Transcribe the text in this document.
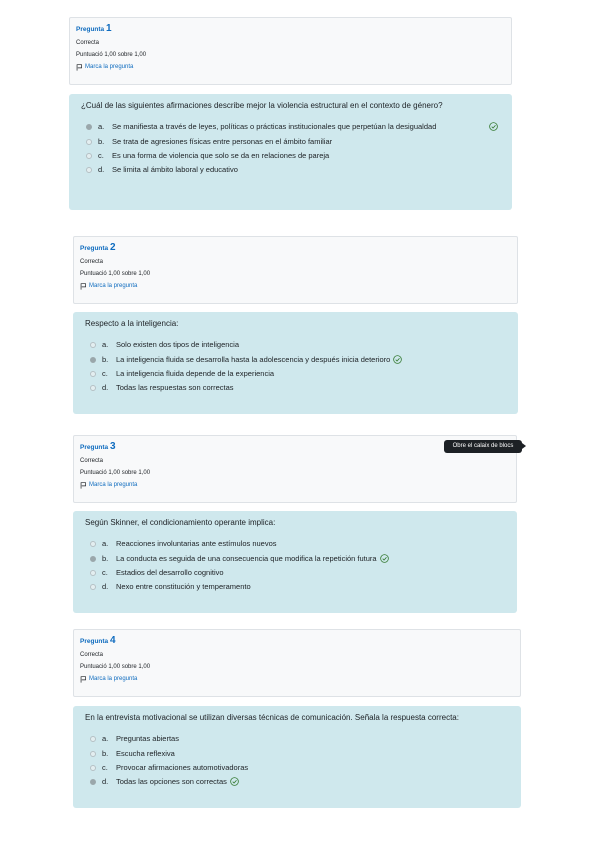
Pregunta 1
Correcta
Puntuació 1,00 sobre 1,00
Marca la pregunta
¿Cuál de las siguientes afirmaciones describe mejor la violencia estructural en el contexto de género?
a.	Se manifiesta a través de leyes, políticas o prácticas institucionales que perpetúan la desigualdad
b.	Se trata de agresiones físicas entre personas en el ámbito familiar
c.	Es una forma de violencia que solo se da en relaciones de pareja
d.	Se limita al ámbito laboral y educativo
Pregunta 2
Correcta
Puntuació 1,00 sobre 1,00
Marca la pregunta
Respecto a la inteligencia:
a.	Solo existen dos tipos de inteligencia
b.	La inteligencia fluida se desarrolla hasta la adolescencia y después inicia deterioro
c.	La inteligencia fluida depende de la experiencia
d.	Todas las respuestas son correctas
Pregunta 3
Correcta
Puntuació 1,00 sobre 1,00
Marca la pregunta
Según Skinner, el condicionamiento operante implica:
a.	Reacciones involuntarias ante estímulos nuevos
b.	La conducta es seguida de una consecuencia que modifica la repetición futura
c.	Estadios del desarrollo cognitivo
d.	Nexo entre constitución y temperamento
Obre el calaix de blocs
Pregunta 4
Correcta
Puntuació 1,00 sobre 1,00
Marca la pregunta
En la entrevista motivacional se utilizan diversas técnicas de comunicación. Señala la respuesta correcta:
a.	Preguntas abiertas
b.	Escucha reflexiva
c.	Provocar afirmaciones automotivadoras
d.	Todas las opciones son correctas
